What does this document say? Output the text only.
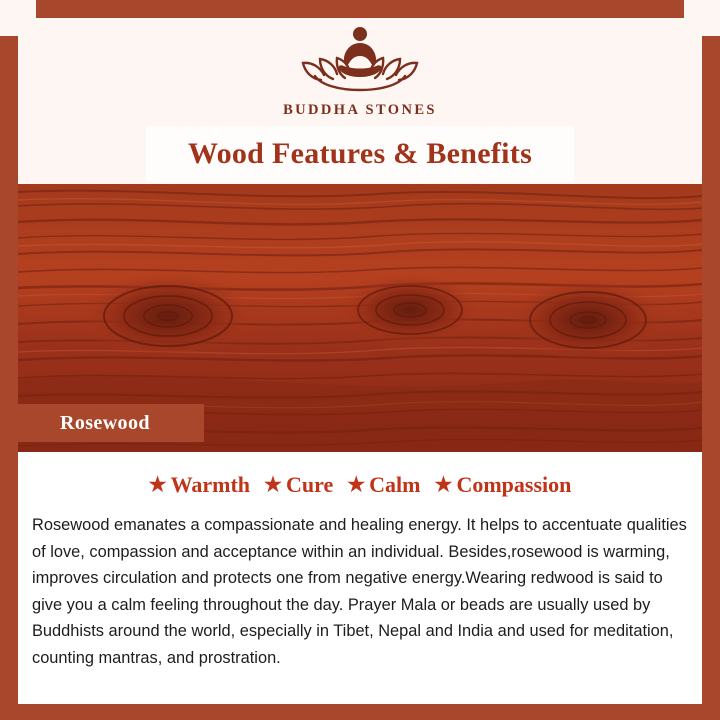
BUDDHA STONES
Wood Features & Benefits
Rosewood
★ Warmth ★ Cure ★ Calm ★ Compassion

Rosewood emanates a compassionate and healing energy. It helps to accentuate qualities of love, compassion and acceptance within an individual. Besides,rosewood is warming, improves circulation and protects one from negative energy.Wearing redwood is said to give you a calm feeling throughout the day. Prayer Mala or beads are usually used by Buddhists around the world, especially in Tibet, Nepal and India and used for meditation, counting mantras, and prostration.
